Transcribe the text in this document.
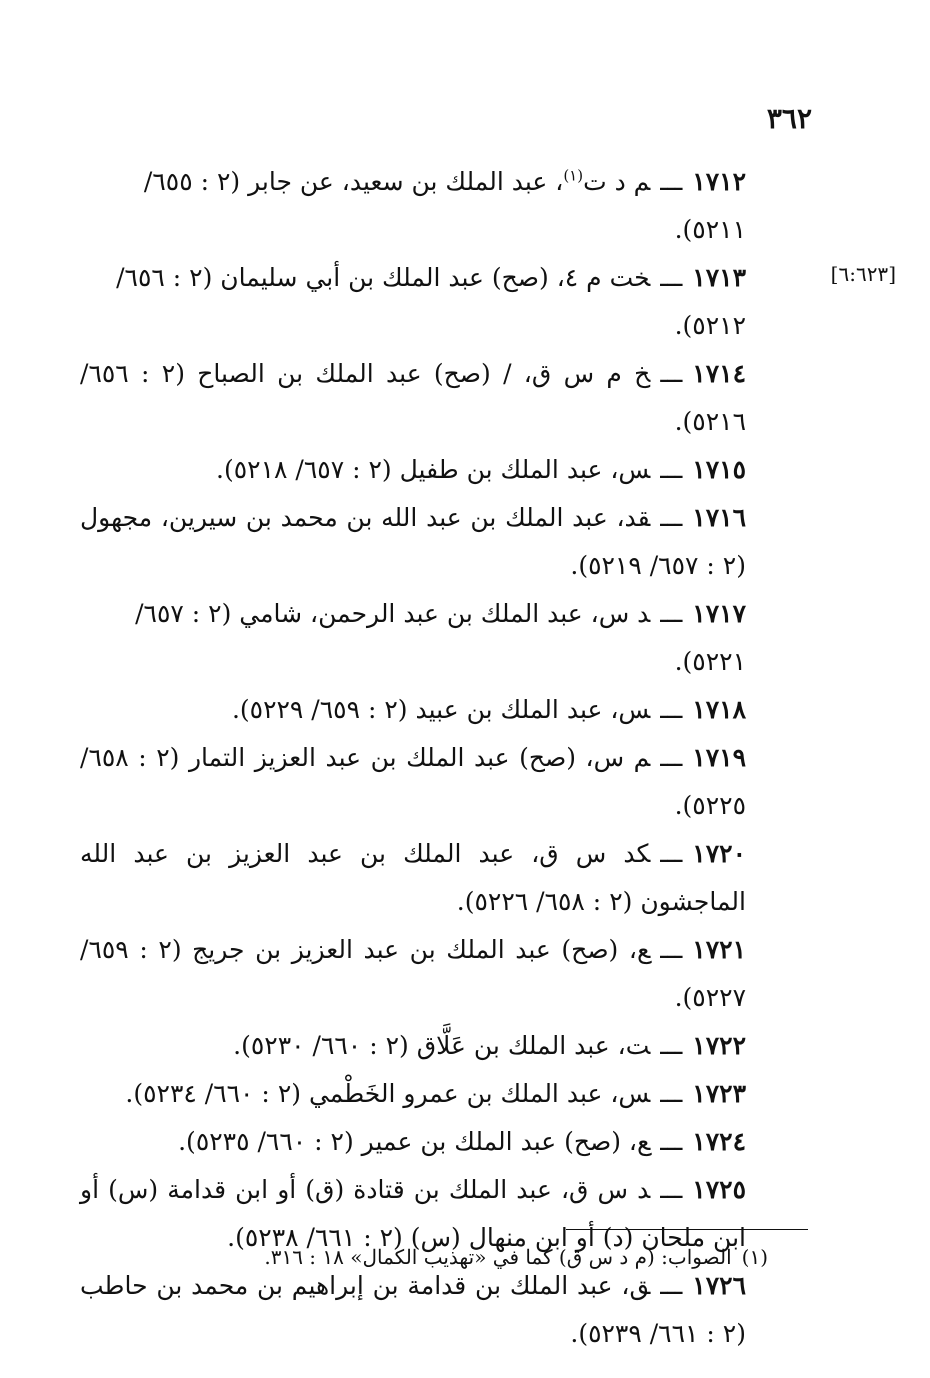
٣٦٢
[٦:٦٢٣]

١٧١٢ـــم د ت$^{(١)}$، عبد الملك بن سعيد، عن جابر (٢ : ٦٥٥/ ٥٢١١).

١٧١٣ـــخت م ٤، (صح) عبد الملك بن أبي سليمان (٢ : ٦٥٦/ ٥٢١٢).

١٧١٤ـــخ م س ق، / (صح) عبد الملك بن الصباح (٢ : ٦٥٦/ ٥٢١٦).

١٧١٥ـــس، عبد الملك بن طفيل (٢ : ٦٥٧/ ٥٢١٨).

١٧١٦ـــقد، عبد الملك بن عبد الله بن محمد بن سيرين، مجهول (٢ : ٦٥٧/ ٥٢١٩).

١٧١٧ـــد س، عبد الملك بن عبد الرحمن، شامي (٢ : ٦٥٧/ ٥٢٢١).

١٧١٨ـــس، عبد الملك بن عبيد (٢ : ٦٥٩/ ٥٢٢٩).

١٧١٩ـــم س، (صح) عبد الملك بن عبد العزيز التمار (٢ : ٦٥٨/ ٥٢٢٥).

١٧٢٠ـــكد س ق، عبد الملك بن عبد العزيز بن عبد الله الماجشون (٢ : ٦٥٨/ ٥٢٢٦).

١٧٢١ـــع، (صح) عبد الملك بن عبد العزيز بن جريج (٢ : ٦٥٩/ ٥٢٢٧).

١٧٢٢ـــت، عبد الملك بن عَلَّاق (٢ : ٦٦٠/ ٥٢٣٠).

١٧٢٣ـــس، عبد الملك بن عمرو الخَطْمي (٢ : ٦٦٠/ ٥٢٣٤).

١٧٢٤ـــع، (صح) عبد الملك بن عمير (٢ : ٦٦٠/ ٥٢٣٥).

١٧٢٥ـــد س ق، عبد الملك بن قتادة (ق) أو ابن قدامة (س) أو ابن ملحان (د) أو ابن منهال (س) (٢ : ٦٦١/ ٥٢٣٨).

١٧٢٦ـــق، عبد الملك بن قدامة بن إبراهيم بن محمد بن حاطب (٢ : ٦٦١/ ٥٢٣٩).

(١)الصواب: (م د س ق) كما في «تهذيب الكمال» ١٨ : ٣١٦.
